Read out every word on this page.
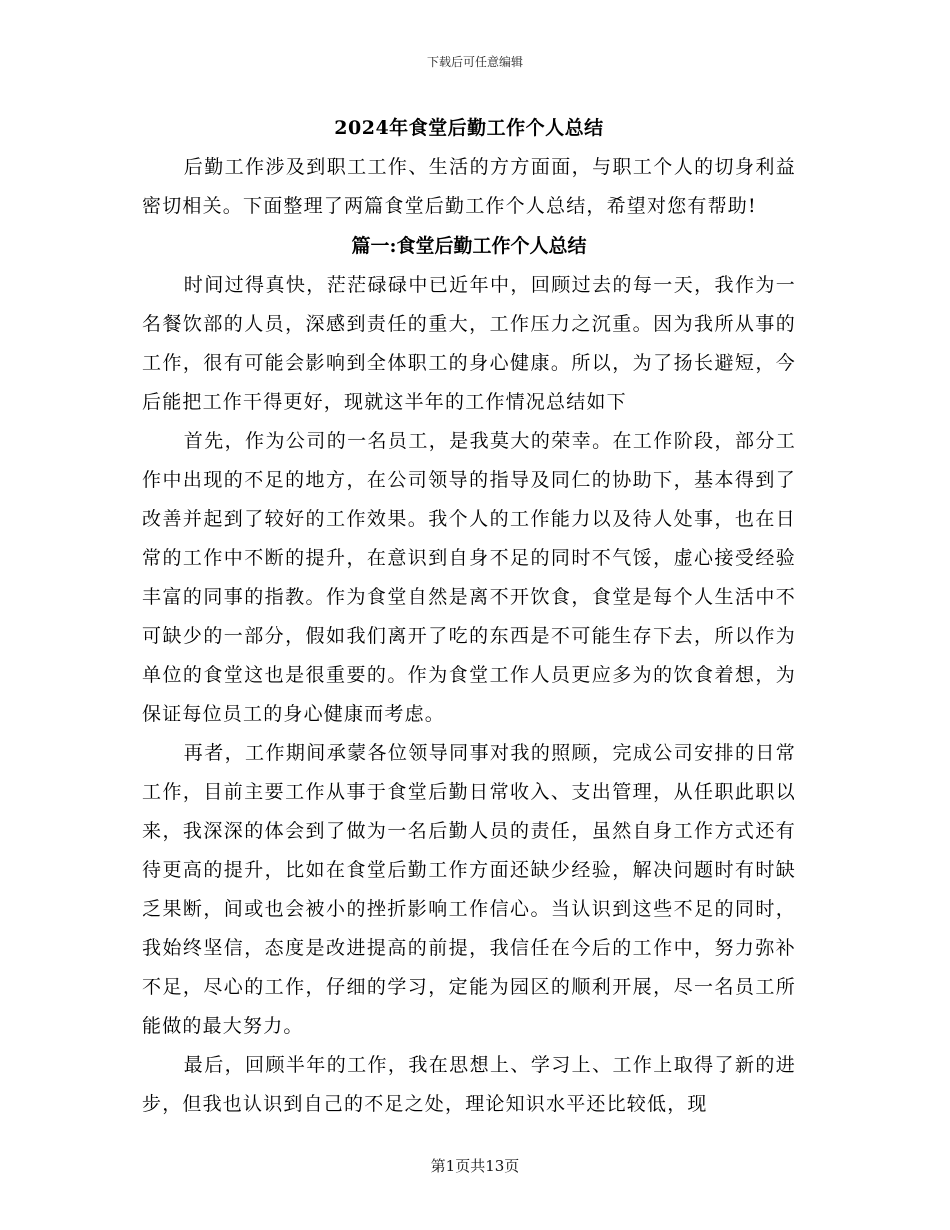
下载后可任意编辑
2024年食堂后勤工作个人总结

后勤工作涉及到职工工作、生活的方方面面，与职工个人的切身利益密切相关。下面整理了两篇食堂后勤工作个人总结，希望对您有帮助!

篇一:食堂后勤工作个人总结

时间过得真快，茫茫碌碌中已近年中，回顾过去的每一天，我作为一名餐饮部的人员，深感到责任的重大，工作压力之沉重。因为我所从事的工作，很有可能会影响到全体职工的身心健康。所以，为了扬长避短，今后能把工作干得更好，现就这半年的工作情况总结如下

首先，作为公司的一名员工，是我莫大的荣幸。在工作阶段，部分工作中出现的不足的地方，在公司领导的指导及同仁的协助下，基本得到了改善并起到了较好的工作效果。我个人的工作能力以及待人处事，也在日常的工作中不断的提升，在意识到自身不足的同时不气馁，虚心接受经验丰富的同事的指教。作为食堂自然是离不开饮食，食堂是每个人生活中不可缺少的一部分，假如我们离开了吃的东西是不可能生存下去，所以作为单位的食堂这也是很重要的。作为食堂工作人员更应多为的饮食着想，为保证每位员工的身心健康而考虑。

再者，工作期间承蒙各位领导同事对我的照顾，完成公司安排的日常工作，目前主要工作从事于食堂后勤日常收入、支出管理，从任职此职以来，我深深的体会到了做为一名后勤人员的责任，虽然自身工作方式还有待更高的提升，比如在食堂后勤工作方面还缺少经验，解决问题时有时缺乏果断，间或也会被小的挫折影响工作信心。当认识到这些不足的同时，我始终坚信，态度是改进提高的前提，我信任在今后的工作中，努力弥补不足，尽心的工作，仔细的学习，定能为园区的顺利开展，尽一名员工所能做的最大努力。

最后，回顾半年的工作，我在思想上、学习上、工作上取得了新的进步，但我也认识到自己的不足之处，理论知识水平还比较低，现

第1页共13页
